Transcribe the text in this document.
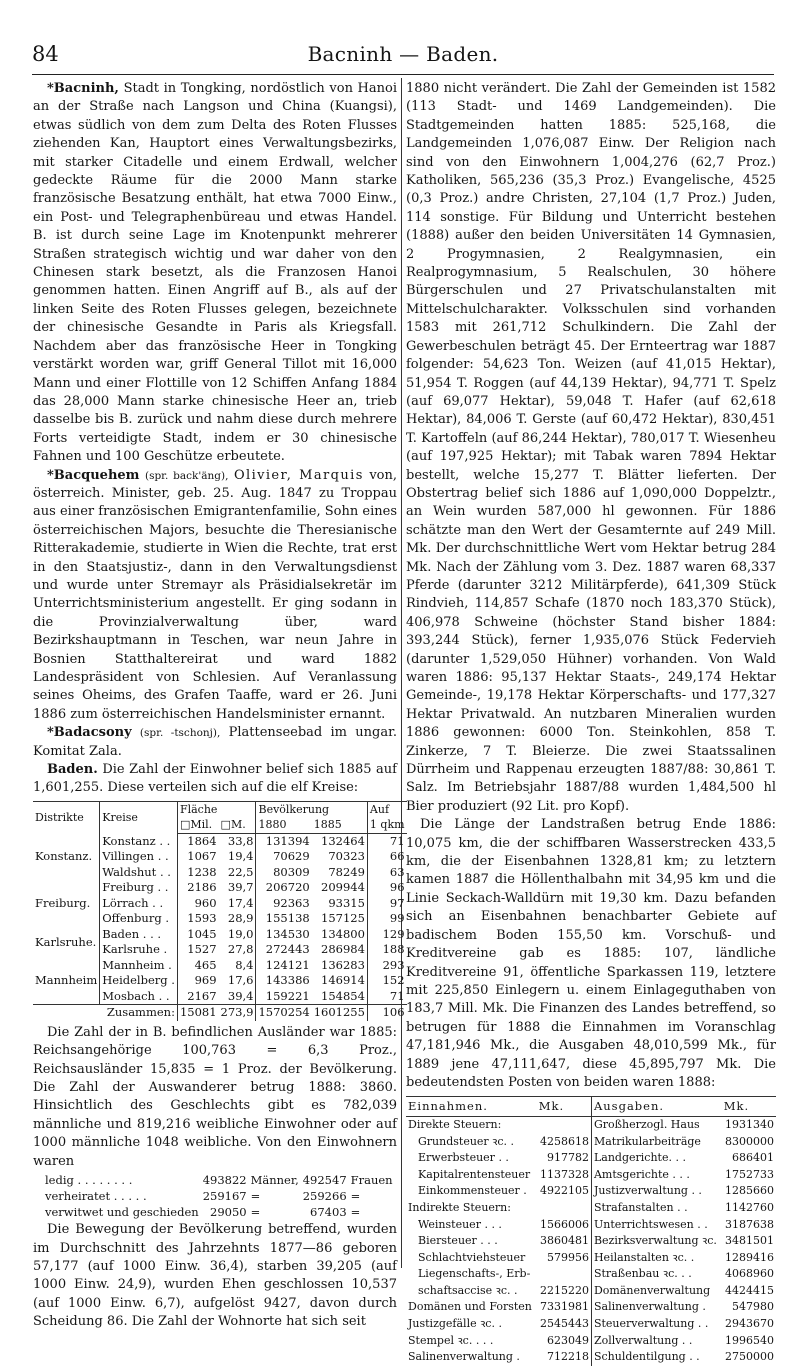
84	Bacninh — Baden.

*Bacninh, Stadt in Tongking, nordöstlich von Hanoi an der Straße nach Langson und China (Kuangsi), etwas südlich von dem zum Delta des Roten Flusses ziehenden Kan, Hauptort eines Verwaltungsbezirks, mit starker Citadelle und einem Erdwall, welcher gedeckte Räume für die 2000 Mann starke französische Besatzung enthält, hat etwa 7000 Einw., ein Post- und Telegraphenbüreau und etwas Handel. B. ist durch seine Lage im Knotenpunkt mehrerer Straßen strategisch wichtig und war daher von den Chinesen stark besetzt, als die Franzosen Hanoi genommen hatten. Einen Angriff auf B., als auf der linken Seite des Roten Flusses gelegen, bezeichnete der chinesische Gesandte in Paris als Kriegsfall. Nachdem aber das französische Heer in Tongking verstärkt worden war, griff General Tillot mit 16,000 Mann und einer Flottille von 12 Schiffen Anfang 1884 das 28,000 Mann starke chinesische Heer an, trieb dasselbe bis B. zurück und nahm diese durch mehrere Forts verteidigte Stadt, indem er 30 chinesische Fahnen und 100 Geschütze erbeutete.

*Bacquehem (spr. back'äng), Olivier, Marquis von, österreich. Minister, geb. 25. Aug. 1847 zu Troppau aus einer französischen Emigrantenfamilie, Sohn eines österreichischen Majors, besuchte die Theresianische Ritterakademie, studierte in Wien die Rechte, trat erst in den Staatsjustiz-, dann in den Verwaltungsdienst und wurde unter Stremayr als Präsidialsekretär im Unterrichtsministerium angestellt. Er ging sodann in die Provinzialverwaltung über, ward Bezirkshauptmann in Teschen, war neun Jahre in Bosnien Statthaltereirat und ward 1882 Landespräsident von Schlesien. Auf Veranlassung seines Oheims, des Grafen Taaffe, ward er 26. Juni 1886 zum österreichischen Handelsminister ernannt.

*Badacsony (spr. -tschonj), Plattenseebad im ungar. Komitat Zala.

Baden. Die Zahl der Einwohner belief sich 1885 auf 1,601,255. Diese verteilen sich auf die elf Kreise:

Distrikte	Kreise	Fläche		Bevölkerung		Auf
		□Mil.	□M.	1880	1885	1 qkm
Konstanz.	Konstanz . .	1864	33,8	131394	132464	71
	Villingen . .	1067	19,4	70629	70323	66
	Waldshut . .	1238	22,5	80309	78249	63
Freiburg.	Freiburg . .	2186	39,7	206720	209944	96
	Lörrach . .	960	17,4	92363	93315	97
	Offenburg .	1593	28,9	155138	157125	99
Karlsruhe.	Baden . . .	1045	19,0	134530	134800	129
	Karlsruhe .	1527	27,8	272443	286984	188
Mannheim	Mannheim .	465	8,4	124121	136283	293
	Heidelberg .	969	17,6	143386	146914	152
	Mosbach . .	2167	39,4	159221	154854	71
Zusammen:		15081	273,9	1570254	1601255	106

Die Zahl der in B. befindlichen Ausländer war 1885: Reichsangehörige 100,763 = 6,3 Proz., Reichsausländer 15,835 = 1 Proz. der Bevölkerung. Die Zahl der Auswanderer betrug 1888: 3860. Hinsichtlich des Geschlechts gibt es 782,039 männliche und 819,216 weibliche Einwohner oder auf 1000 männliche 1048 weibliche. Von den Einwohnern waren

ledig . . . . . . . .	493822	Männer,	492547	Frauen
verheiratet . . . . .	259167	=	259266	=
verwitwet und geschieden	29050	=	67403	=

Die Bewegung der Bevölkerung betreffend, wurden im Durchschnitt des Jahrzehnts 1877—86 geboren 57,177 (auf 1000 Einw. 36,4), starben 39,205 (auf 1000 Einw. 24,9), wurden Ehen geschlossen 10,537 (auf 1000 Einw. 6,7), aufgelöst 9427, davon durch Scheidung 86. Die Zahl der Wohnorte hat sich seit

1880 nicht verändert. Die Zahl der Gemeinden ist 1582 (113 Stadt- und 1469 Landgemeinden). Die Stadtgemeinden hatten 1885: 525,168, die Landgemeinden 1,076,087 Einw. Der Religion nach sind von den Einwohnern 1,004,276 (62,7 Proz.) Katholiken, 565,236 (35,3 Proz.) Evangelische, 4525 (0,3 Proz.) andre Christen, 27,104 (1,7 Proz.) Juden, 114 sonstige. Für Bildung und Unterricht bestehen (1888) außer den beiden Universitäten 14 Gymnasien, 2 Progymnasien, 2 Realgymnasien, ein Realprogymnasium, 5 Realschulen, 30 höhere Bürgerschulen und 27 Privatschulanstalten mit Mittelschulcharakter. Volksschulen sind vorhanden 1583 mit 261,712 Schulkindern. Die Zahl der Gewerbeschulen beträgt 45. Der Ernteertrag war 1887 folgender: 54,623 Ton. Weizen (auf 41,015 Hektar), 51,954 T. Roggen (auf 44,139 Hektar), 94,771 T. Spelz (auf 69,077 Hektar), 59,048 T. Hafer (auf 62,618 Hektar), 84,006 T. Gerste (auf 60,472 Hektar), 830,451 T. Kartoffeln (auf 86,244 Hektar), 780,017 T. Wiesenheu (auf 197,925 Hektar); mit Tabak waren 7894 Hektar bestellt, welche 15,277 T. Blätter lieferten. Der Obstertrag belief sich 1886 auf 1,090,000 Doppelztr., an Wein wurden 587,000 hl gewonnen. Für 1886 schätzte man den Wert der Gesamternte auf 249 Mill. Mk. Der durchschnittliche Wert vom Hektar betrug 284 Mk. Nach der Zählung vom 3. Dez. 1887 waren 68,337 Pferde (darunter 3212 Militärpferde), 641,309 Stück Rindvieh, 114,857 Schafe (1870 noch 183,370 Stück), 406,978 Schweine (höchster Stand bisher 1884: 393,244 Stück), ferner 1,935,076 Stück Federvieh (darunter 1,529,050 Hühner) vorhanden. Von Wald waren 1886: 95,137 Hektar Staats-, 249,174 Hektar Gemeinde-, 19,178 Hektar Körperschafts- und 177,327 Hektar Privatwald. An nutzbaren Mineralien wurden 1886 gewonnen: 6000 Ton. Steinkohlen, 858 T. Zinkerze, 7 T. Bleierze. Die zwei Staatssalinen Dürrheim und Rappenau erzeugten 1887/88: 30,861 T. Salz. Im Betriebsjahr 1887/88 wurden 1,484,500 hl Bier produziert (92 Lit. pro Kopf).

Die Länge der Landstraßen betrug Ende 1886: 10,075 km, die der schiffbaren Wasserstrecken 433,5 km, die der Eisenbahnen 1328,81 km; zu letztern kamen 1887 die Höllenthalbahn mit 34,95 km und die Linie Seckach-Walldürn mit 19,30 km. Dazu befanden sich an Eisenbahnen benachbarter Gebiete auf badischem Boden 155,50 km. Vorschuß- und Kreditvereine gab es 1885: 107, ländliche Kreditvereine 91, öffentliche Sparkassen 119, letztere mit 225,850 Einlegern u. einem Einlageguthaben von 183,7 Mill. Mk. Die Finanzen des Landes betreffend, so betrugen für 1888 die Einnahmen im Voranschlag 47,181,946 Mk., die Ausgaben 48,010,599 Mk., für 1889 jene 47,111,647, diese 45,895,797 Mk. Die bedeutendsten Posten von beiden waren 1888:

Einnahmen.	Mk.	Ausgaben.	Mk.
Direkte Steuern:		Großherzogl. Haus	1931340
Grundsteuer ꝛc. .	4258618	Matrikularbeiträge	8300000
Erwerbsteuer . .	917782	Landgerichte. . .	686401
Kapitalrentensteuer	1137328	Amtsgerichte . . .	1752733
Einkommensteuer .	4922105	Justizverwaltung . .	1285660
Indirekte Steuern:		Strafanstalten . .	1142760
Weinsteuer . . .	1566006	Unterrichtswesen . .	3187638
Biersteuer . . .	3860481	Bezirksverwaltung ꝛc.	3481501
Schlachtviehsteuer	579956	Heilanstalten ꝛc. .	1289416
Liegenschafts-, Erb-		Straßenbau ꝛc. . .	4068960
schaftsaccise ꝛc. .	2215220	Domänenverwaltung	4424415
Domänen und Forsten	7331981	Salinenverwaltung .	547980
Justizgefälle ꝛc. .	2545443	Steuerverwaltung . .	2943670
Stempel ꝛc. . . .	623049	Zollverwaltung . .	1996540
Salinenverwaltung .	712218	Schuldentilgung . .	2750000
